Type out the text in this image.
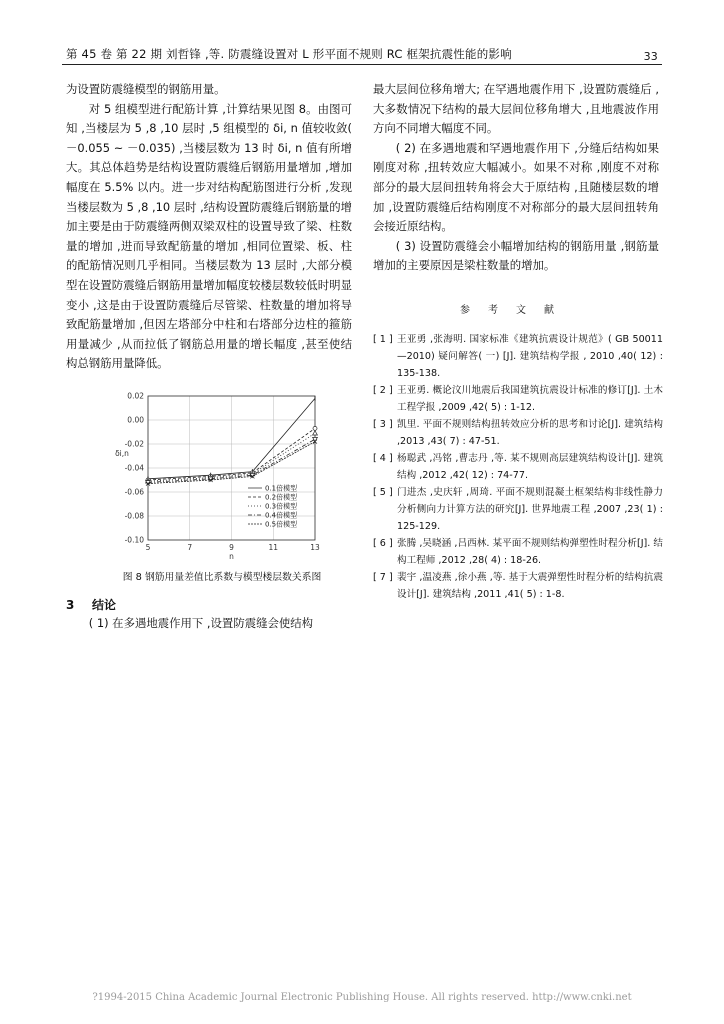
第 45 卷 第 22 期 刘哲锋 ,等. 防震缝设置对 L 形平面不规则 RC 框架抗震性能的影响	33

为设置防震缝模型的钢筋用量。

对 5 组模型进行配筋计算 ,计算结果见图 8。由图可知 ,当楼层为 5 ,8 ,10 层时 ,5 组模型的 δi, n 值较收敛( －0.055 ~ －0.035) ,当楼层数为 13 时 δi, n 值有所增大。其总体趋势是结构设置防震缝后钢筋用量增加 ,增加幅度在 5.5% 以内。进一步对结构配筋图进行分析 ,发现当楼层数为 5 ,8 ,10 层时 ,结构设置防震缝后钢筋量的增加主要是由于防震缝两侧双梁双柱的设置导致了梁、柱数量的增加 ,进而导致配筋量的增加 ,相同位置梁、板、柱的配筋情况则几乎相同。当楼层数为 13 层时 ,大部分模型在设置防震缝后钢筋用量增加幅度较楼层数较低时明显变小 ,这是由于设置防震缝后尽管梁、柱数量的增加将导致配筋量增加 ,但因左塔部分中柱和右塔部分边柱的箍筋用量减少 ,从而拉低了钢筋总用量的增长幅度 ,甚至使结构总钢筋用量降低。

0.02
0.00
-0.02
-0.04
-0.06
-0.08
-0.10
5	7	9	11	13
δi,n
n
0.1倍模型
0.2倍模型
0.3倍模型
0.4倍模型
0.5倍模型
图 8 钢筋用量差值比系数与模型楼层数关系图
3 结论
( 1) 在多遇地震作用下 ,设置防震缝会使结构

最大层间位移角增大; 在罕遇地震作用下 ,设置防震缝后 ,大多数情况下结构的最大层间位移角增大 ,且地震波作用方向不同增大幅度不同。

( 2) 在多遇地震和罕遇地震作用下 ,分缝后结构如果刚度对称 ,扭转效应大幅减小。如果不对称 ,刚度不对称部分的最大层间扭转角将会大于原结构 ,且随楼层数的增加 ,设置防震缝后结构刚度不对称部分的最大层间扭转角会接近原结构。

( 3) 设置防震缝会小幅增加结构的钢筋用量 ,钢筋量增加的主要原因是梁柱数量的增加。

参考文献
[ 1 ] 王亚勇 ,张海明. 国家标准《建筑抗震设计规范》( GB 50011—2010) 疑问解答( 一) [J]. 建筑结构学报 , 2010 ,40( 12) : 135-138.
[ 2 ] 王亚勇. 概论汶川地震后我国建筑抗震设计标准的修订[J]. 土木工程学报 ,2009 ,42( 5) : 1-12.
[ 3 ] 凯里. 平面不规则结构扭转效应分析的思考和讨论[J]. 建筑结构 ,2013 ,43( 7) : 47-51.
[ 4 ] 杨聪武 ,冯铭 ,曹志丹 ,等. 某不规则高层建筑结构设计[J]. 建筑结构 ,2012 ,42( 12) : 74-77.
[ 5 ] 门进杰 ,史庆轩 ,周琦. 平面不规则混凝土框架结构非线性静力分析侧向力计算方法的研究[J]. 世界地震工程 ,2007 ,23( 1) : 125-129.
[ 6 ] 张腾 ,吴晓涵 ,吕西林. 某平面不规则结构弹塑性时程分析[J]. 结构工程师 ,2012 ,28( 4) : 18-26.
[ 7 ] 裴宇 ,温凌燕 ,徐小燕 ,等. 基于大震弹塑性时程分析的结构抗震设计[J]. 建筑结构 ,2011 ,41( 5) : 1-8.
?1994-2015 China Academic Journal Electronic Publishing House. All rights reserved. http://www.cnki.net
